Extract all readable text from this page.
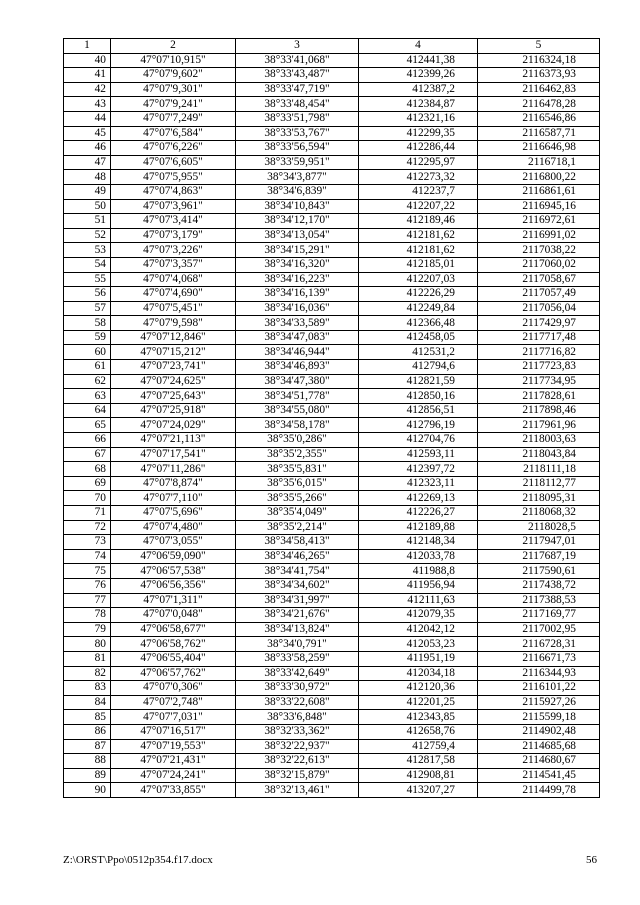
1	2	3	4	5
40	47°07'10,915"	38°33'41,068"	412441,38	2116324,18
41	47°07'9,602"	38°33'43,487"	412399,26	2116373,93
42	47°07'9,301"	38°33'47,719"	412387,2	2116462,83
43	47°07'9,241"	38°33'48,454"	412384,87	2116478,28
44	47°07'7,249"	38°33'51,798"	412321,16	2116546,86
45	47°07'6,584"	38°33'53,767"	412299,35	2116587,71
46	47°07'6,226"	38°33'56,594"	412286,44	2116646,98
47	47°07'6,605"	38°33'59,951"	412295,97	2116718,1
48	47°07'5,955"	38°34'3,877"	412273,32	2116800,22
49	47°07'4,863"	38°34'6,839"	412237,7	2116861,61
50	47°07'3,961"	38°34'10,843"	412207,22	2116945,16
51	47°07'3,414"	38°34'12,170"	412189,46	2116972,61
52	47°07'3,179"	38°34'13,054"	412181,62	2116991,02
53	47°07'3,226"	38°34'15,291"	412181,62	2117038,22
54	47°07'3,357"	38°34'16,320"	412185,01	2117060,02
55	47°07'4,068"	38°34'16,223"	412207,03	2117058,67
56	47°07'4,690"	38°34'16,139"	412226,29	2117057,49
57	47°07'5,451"	38°34'16,036"	412249,84	2117056,04
58	47°07'9,598"	38°34'33,589"	412366,48	2117429,97
59	47°07'12,846"	38°34'47,083"	412458,05	2117717,48
60	47°07'15,212"	38°34'46,944"	412531,2	2117716,82
61	47°07'23,741"	38°34'46,893"	412794,6	2117723,83
62	47°07'24,625"	38°34'47,380"	412821,59	2117734,95
63	47°07'25,643"	38°34'51,778"	412850,16	2117828,61
64	47°07'25,918"	38°34'55,080"	412856,51	2117898,46
65	47°07'24,029"	38°34'58,178"	412796,19	2117961,96
66	47°07'21,113"	38°35'0,286"	412704,76	2118003,63
67	47°07'17,541"	38°35'2,355"	412593,11	2118043,84
68	47°07'11,286"	38°35'5,831"	412397,72	2118111,18
69	47°07'8,874"	38°35'6,015"	412323,11	2118112,77
70	47°07'7,110"	38°35'5,266"	412269,13	2118095,31
71	47°07'5,696"	38°35'4,049"	412226,27	2118068,32
72	47°07'4,480"	38°35'2,214"	412189,88	2118028,5
73	47°07'3,055"	38°34'58,413"	412148,34	2117947,01
74	47°06'59,090"	38°34'46,265"	412033,78	2117687,19
75	47°06'57,538"	38°34'41,754"	411988,8	2117590,61
76	47°06'56,356"	38°34'34,602"	411956,94	2117438,72
77	47°07'1,311"	38°34'31,997"	412111,63	2117388,53
78	47°07'0,048"	38°34'21,676"	412079,35	2117169,77
79	47°06'58,677"	38°34'13,824"	412042,12	2117002,95
80	47°06'58,762"	38°34'0,791"	412053,23	2116728,31
81	47°06'55,404"	38°33'58,259"	411951,19	2116671,73
82	47°06'57,762"	38°33'42,649"	412034,18	2116344,93
83	47°07'0,306"	38°33'30,972"	412120,36	2116101,22
84	47°07'2,748"	38°33'22,608"	412201,25	2115927,26
85	47°07'7,031"	38°33'6,848"	412343,85	2115599,18
86	47°07'16,517"	38°32'33,362"	412658,76	2114902,48
87	47°07'19,553"	38°32'22,937"	412759,4	2114685,68
88	47°07'21,431"	38°32'22,613"	412817,58	2114680,67
89	47°07'24,241"	38°32'15,879"	412908,81	2114541,45
90	47°07'33,855"	38°32'13,461"	413207,27	2114499,78
Z:\ORST\Ppo\0512p354.f17.docx	56
